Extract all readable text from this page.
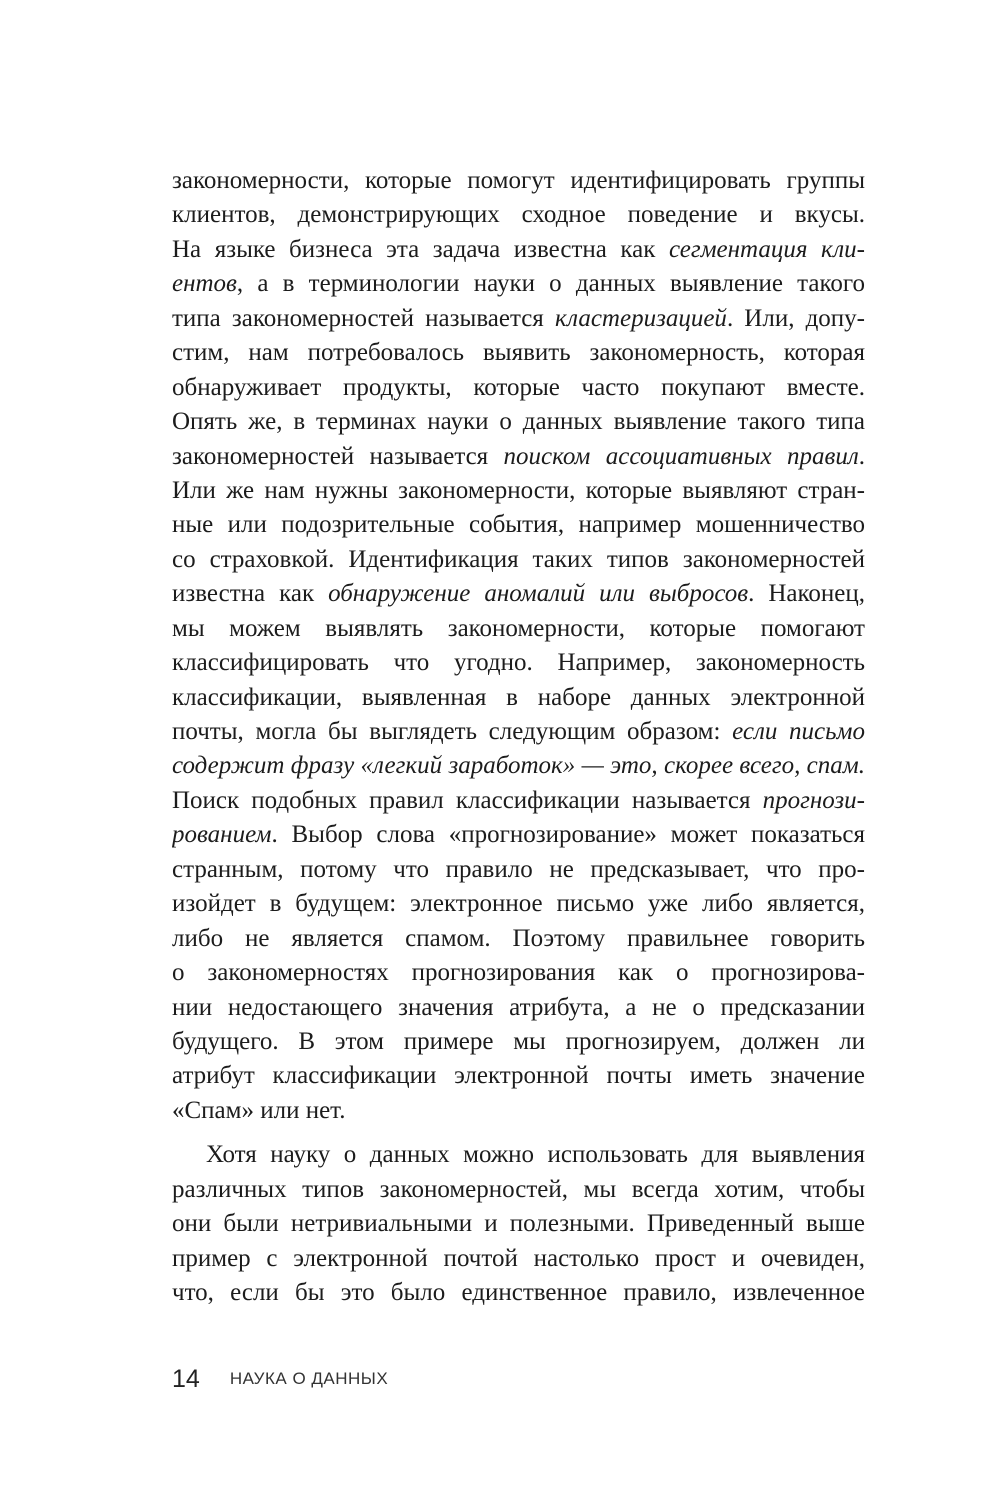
закономерности, которые помогут идентифицировать группы
клиентов, демонстрирующих сходное поведение и вкусы.
На языке бизнеса эта задача известна как сегментация кли-
ентов, а в терминологии науки о данных выявление такого
типа закономерностей называется кластеризацией. Или, допу-
стим, нам потребовалось выявить закономерность, которая
обнаруживает продукты, которые часто покупают вместе.
Опять же, в терминах науки о данных выявление такого типа
закономерностей называется поиском ассоциативных правил.
Или же нам нужны закономерности, которые выявляют стран-
ные или подозрительные события, например мошенничество
со страховкой. Идентификация таких типов закономерностей
известна как обнаружение аномалий или выбросов. Наконец,
мы можем выявлять закономерности, которые помогают
классифицировать что угодно. Например, закономерность
классификации, выявленная в наборе данных электронной
почты, могла бы выглядеть следующим образом: если письмо
содержит фразу «легкий заработок» — это, скорее всего, спам.
Поиск подобных правил классификации называется прогнози-
рованием. Выбор слова «прогнозирование» может показаться
странным, потому что правило не предсказывает, что про-
изойдет в будущем: электронное письмо уже либо является,
либо не является спамом. Поэтому правильнее говорить
о закономерностях прогнозирования как о прогнозирова-
нии недостающего значения атрибута, а не о предсказании
будущего. В этом примере мы прогнозируем, должен ли
атрибут классификации электронной почты иметь значение
«Спам» или нет.
Хотя науку о данных можно использовать для выявления
различных типов закономерностей, мы всегда хотим, чтобы
они были нетривиальными и полезными. Приведенный выше
пример с электронной почтой настолько прост и очевиден,
что, если бы это было единственное правило, извлеченное
14 НАУКА О ДАННЫХ
